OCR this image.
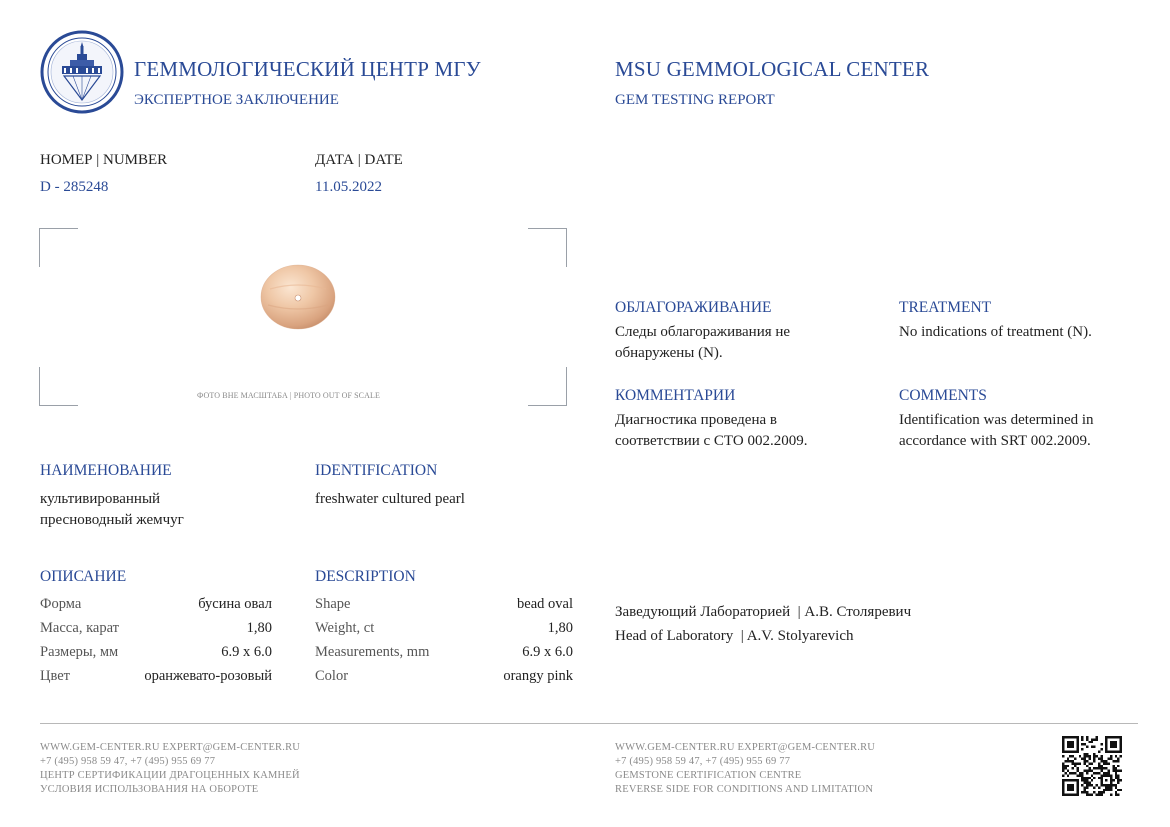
ГЕММОЛОГИЧЕСКИЙ ЦЕНТР МГУ
ЭКСПЕРТНОЕ ЗАКЛЮЧЕНИЕ
MSU GEMMOLOGICAL CENTER
GEM TESTING REPORT
НОМЕР | NUMBER
D - 285248
ДАТА | DATE
11.05.2022
ФОТО ВНЕ МАСШТАБА | PHOTO OUT OF SCALE
НАИМЕНОВАНИЕ
культивированный
пресноводный жемчуг
IDENTIFICATION
freshwater cultured pearl
ОПИСАНИЕ	DESCRIPTION
Форма	бусина овал
Масса, карат	1,80
Размеры, мм	6.9 x 6.0
Цвет	оранжевато-розовый
Shape	bead oval
Weight, ct	1,80
Measurements, mm	6.9 x 6.0
Color	orangy pink
ОБЛАГОРАЖИВАНИЕ
Следы облагораживания не
обнаружены (N).
TREATMENT
No indications of treatment (N).
КОММЕНТАРИИ
Диагностика проведена в
соответствии с СТО 002.2009.
COMMENTS
Identification was determined in
accordance with SRT 002.2009.
Заведующий Лабораторией  | А.В. Столяревич
Head of Laboratory  | A.V. Stolyarevich
WWW.GEM-CENTER.RU EXPERT@GEM-CENTER.RU
+7 (495) 958 59 47, +7 (495) 955 69 77
ЦЕНТР СЕРТИФИКАЦИИ ДРАГОЦЕННЫХ КАМНЕЙ
УСЛОВИЯ ИСПОЛЬЗОВАНИЯ НА ОБОРОТЕ
WWW.GEM-CENTER.RU EXPERT@GEM-CENTER.RU
+7 (495) 958 59 47, +7 (495) 955 69 77
GEMSTONE CERTIFICATION CENTRE
REVERSE SIDE FOR CONDITIONS AND LIMITATION
